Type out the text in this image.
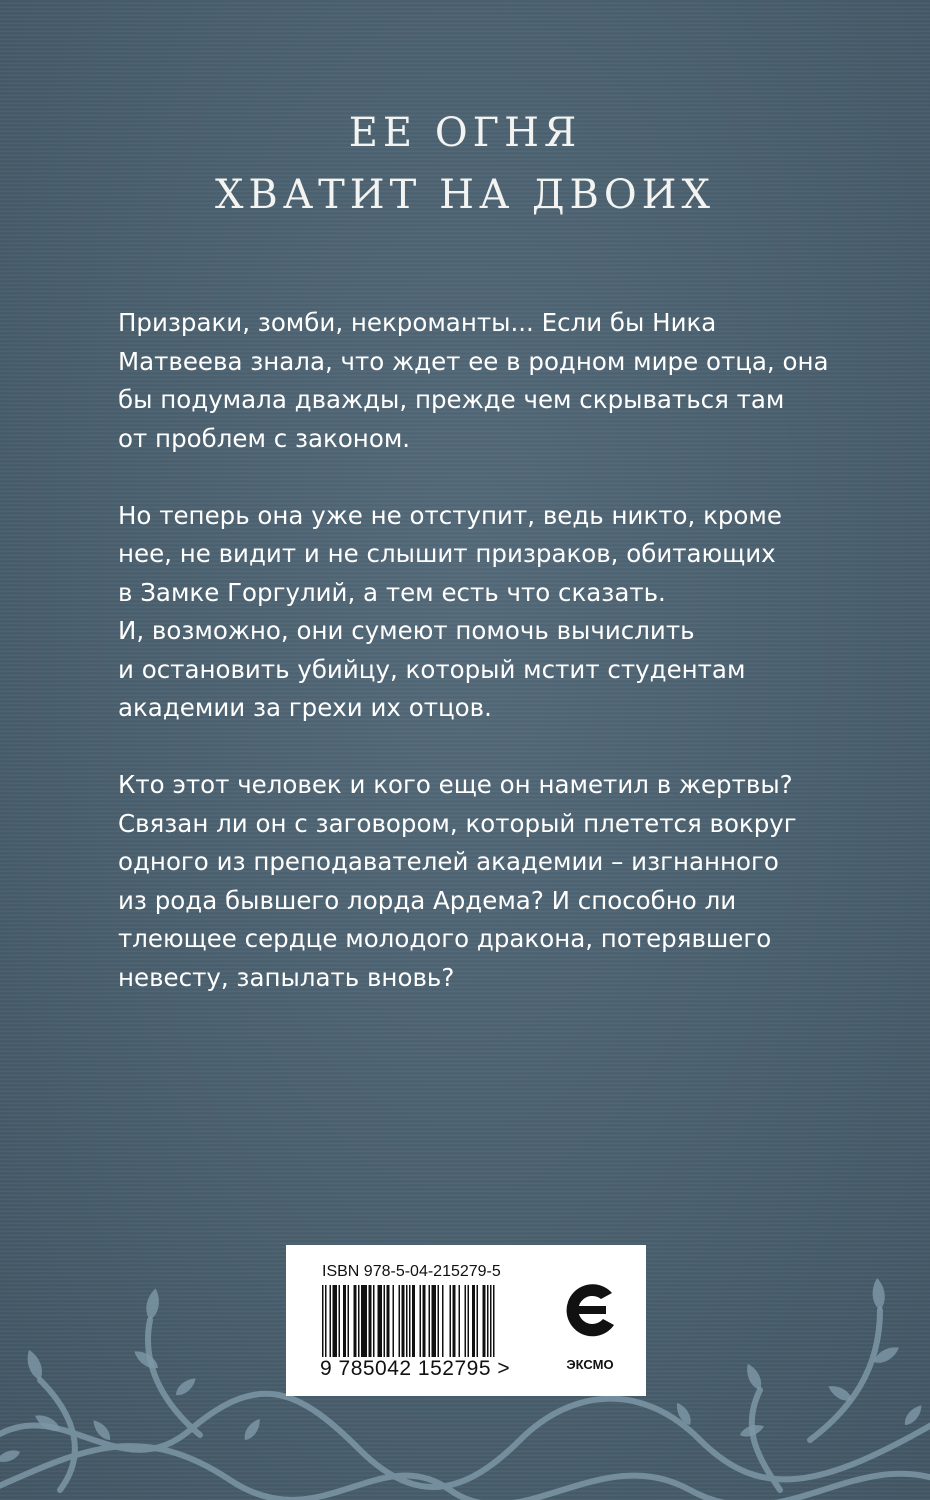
ЕЕ ОГНЯ
ХВАТИТ НА ДВОИХ

Призраки, зомби, некроманты... Если бы Ника
Матвеева знала, что ждет ее в родном мире отца, она
бы подумала дважды, прежде чем скрываться там
от проблем с законом.

Но теперь она уже не отступит, ведь никто, кроме
нее, не видит и не слышит призраков, обитающих
в Замке Горгулий, а тем есть что сказать.
И, возможно, они сумеют помочь вычислить
и остановить убийцу, который мстит студентам
академии за грехи их отцов.

Кто этот человек и кого еще он наметил в жертвы?
Связан ли он с заговором, который плетется вокруг
одного из преподавателей академии – изгнанного
из рода бывшего лорда Ардема? И способно ли
тлеющее сердце молодого дракона, потерявшего
невесту, запылать вновь?

ISBN 978-5-04-215279-5
9 785042 152795 >	ЭКСМО
